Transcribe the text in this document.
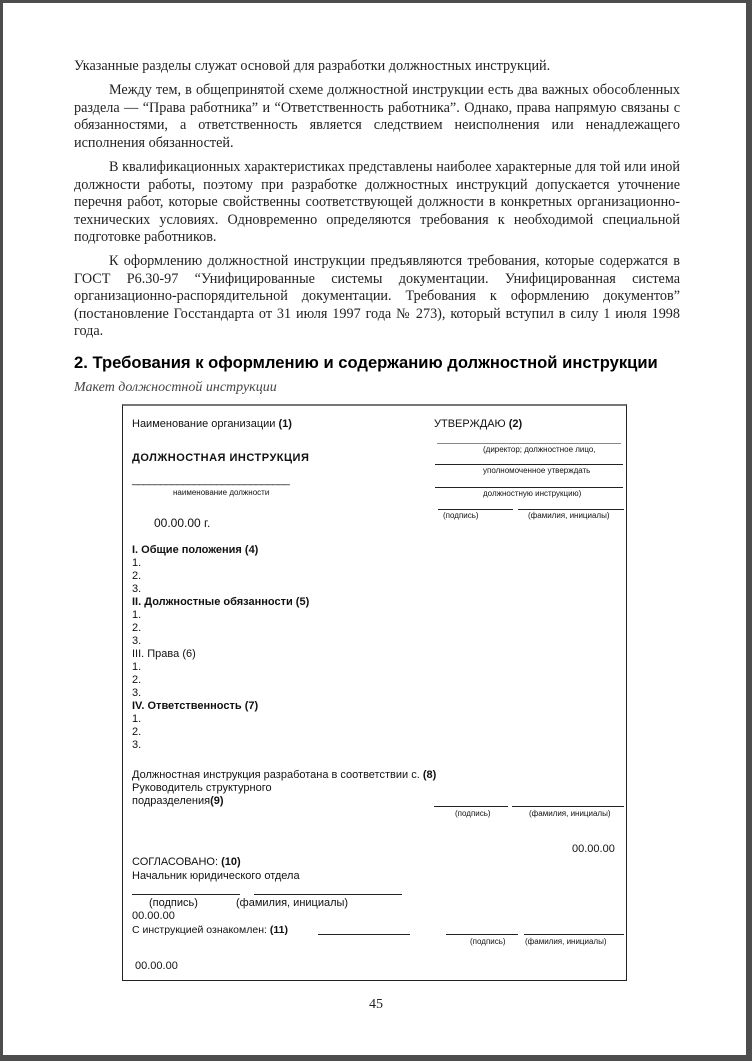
Указанные разделы служат основой для разработки должностных инструкций.
Между тем, в общепринятой схеме должностной инструкции есть два важных обособленных раздела — “Права работника” и “Ответственность работника”. Однако, права напрямую связаны с обязанностями, а ответственность является следствием неисполнения или ненадлежащего исполнения обязанностей.
В квалификационных характеристиках представлены наиболее характерные для той или иной должности работы, поэтому при разработке должностных инструкций допускается уточнение перечня работ, которые свойственны соответствующей должности в конкретных организационно-технических условиях. Одновременно определяются требования к необходимой специальной подготовке работников.
К оформлению должностной инструкции предъявляются требования, которые содержатся в ГОСТ Р6.30-97 “Унифицированные системы документации. Унифицированная система организационно-распорядительной документации. Требования к оформлению документов” (постановление Госстандарта от 31 июля 1997 года № 273), который вступил в силу 1 июля 1998 года.
2. Требования к оформлению и содержанию должностной инструкции
Макет должностной инструкции
Наименование организации (1)
ДОЛЖНОСТНАЯ ИНСТРУКЦИЯ
____________________________
наименование должности
00.00.00 г.
УТВЕРЖДАЮ (2)
(директор; должностное лицо,
уполномоченное утверждать
должностную инструкцию)
(подпись)	(фамилия, инициалы)
I. Общие положения (4)
1.
2.
3.
II. Должностные обязанности (5)
1.
2.
3.
III. Права (6)
1.
2.
3.
IV. Ответственность (7)
1.
2.
3.
Должностная инструкция разработана в соответствии с. (8)
Руководитель структурного
подразделения(9)
(подпись)	(фамилия, инициалы)
00.00.00
СОГЛАСОВАНО: (10)
Начальник юридического отдела
(подпись)	(фамилия, инициалы)
00.00.00
С инструкцией ознакомлен: (11)
(подпись) (фамилия, инициалы)
00.00.00
45
